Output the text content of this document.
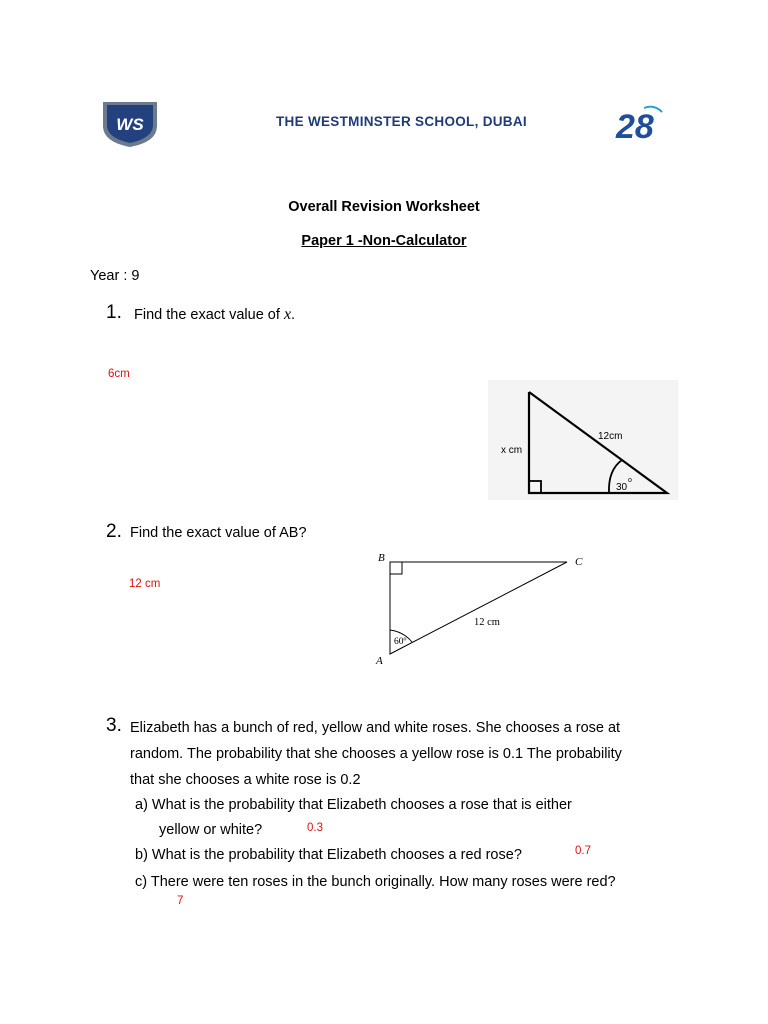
WS	THE WESTMINSTER SCHOOL, DUBAI	28
Overall Revision Worksheet
Paper 1 -Non-Calculator
Year : 9
1. Find the exact value of x.
6cm
x cm
12cm
30
o
2. Find the exact value of AB?
12 cm
B	C
A
12 cm
60º
3. Elizabeth has a bunch of red, yellow and white roses. She chooses a rose at
random. The probability that she chooses a yellow rose is 0.1 The probability
that she chooses a white rose is 0.2
a) What is the probability that Elizabeth chooses a rose that is either
yellow or white?	0.3
b) What is the probability that Elizabeth chooses a red rose?	0.7
c) There were ten roses in the bunch originally. How many roses were red?
7
